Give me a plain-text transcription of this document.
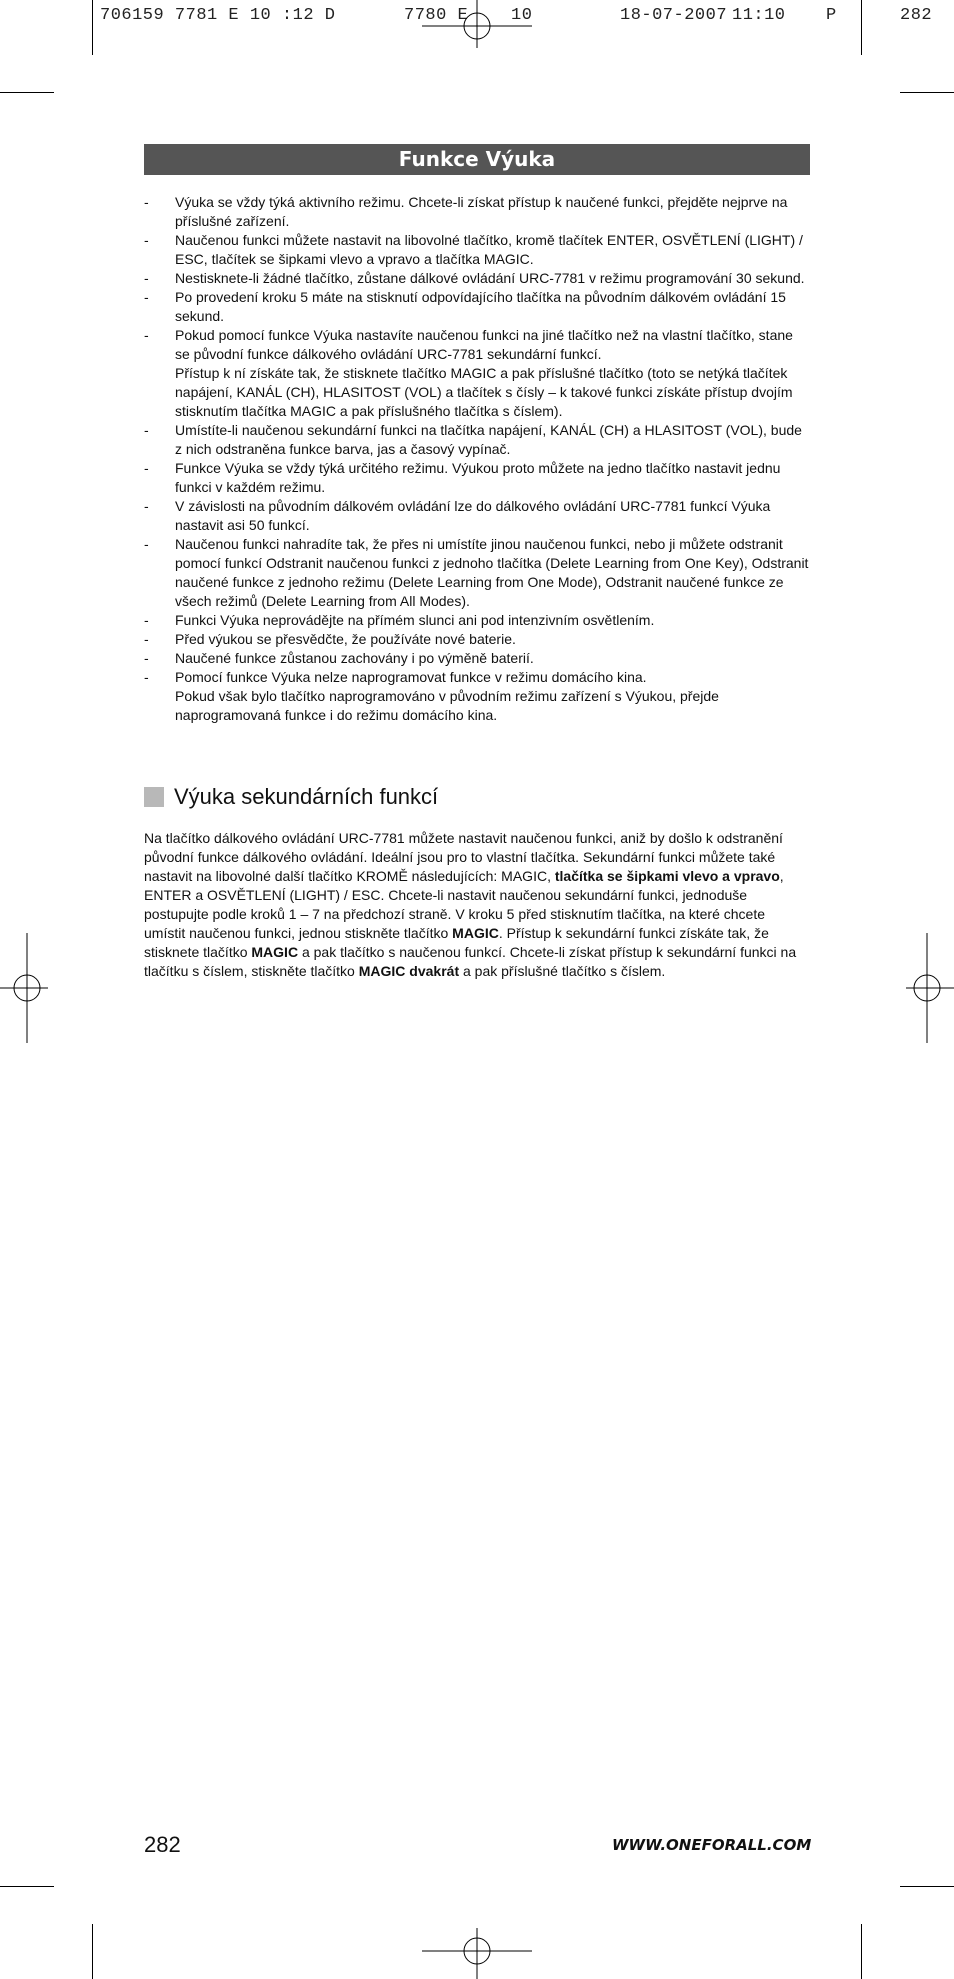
706159 7781 E 10 :12 D

	7780 E

	10

	18-07-2007

11:10

P

	282

Funkce Výuka
- Výuka se vždy týká aktivního režimu. Chcete-li získat přístup k naučené funkci, přejděte nejprve na příslušné zařízení.
- Naučenou funkci můžete nastavit na libovolné tlačítko, kromě tlačítek ENTER, OSVĚTLENÍ (LIGHT) / ESC, tlačítek se šipkami vlevo a vpravo a tlačítka MAGIC.
- Nestisknete-li žádné tlačítko, zůstane dálkové ovládání URC-7781 v režimu programování 30 sekund.
- Po provedení kroku 5 máte na stisknutí odpovídajícího tlačítka na původním dálkovém ovládání 15 sekund.
- Pokud pomocí funkce Výuka nastavíte naučenou funkci na jiné tlačítko než na vlastní tlačítko, stane se původní funkce dálkového ovládání URC-7781 sekundární funkcí.
Přístup k ní získáte tak, že stisknete tlačítko MAGIC a pak příslušné tlačítko (toto se netýká tlačítek napájení, KANÁL (CH), HLASITOST (VOL) a tlačítek s čísly – k takové funkci získáte přístup dvojím stisknutím tlačítka MAGIC a pak příslušného tlačítka s číslem).
- Umístíte-li naučenou sekundární funkci na tlačítka napájení, KANÁL (CH) a HLASITOST (VOL), bude z nich odstraněna funkce barva, jas a časový vypínač.
- Funkce Výuka se vždy týká určitého režimu. Výukou proto můžete na jedno tlačítko nastavit jednu funkci v každém režimu.
- V závislosti na původním dálkovém ovládání lze do dálkového ovládání URC-7781 funkcí Výuka nastavit asi 50 funkcí.
- Naučenou funkci nahradíte tak, že přes ni umístíte jinou naučenou funkci, nebo ji můžete odstranit pomocí funkcí Odstranit naučenou funkci z jednoho tlačítka (Delete Learning from One Key), Odstranit naučené funkce z jednoho režimu (Delete Learning from One Mode), Odstranit naučené funkce ze všech režimů (Delete Learning from All Modes).
- Funkci Výuka neprovádějte na přímém slunci ani pod intenzivním osvětlením.
- Před výukou se přesvědčte, že používáte nové baterie.
- Naučené funkce zůstanou zachovány i po výměně baterií.
- Pomocí funkce Výuka nelze naprogramovat funkce v režimu domácího kina.
Pokud však bylo tlačítko naprogramováno v původním režimu zařízení s Výukou, přejde naprogramovaná funkce i do režimu domácího kina.
Výuka sekundárních funkcí

Na tlačítko dálkového ovládání URC-7781 můžete nastavit naučenou funkci, aniž by došlo k odstranění původní funkce dálkového ovládání. Ideální jsou pro to vlastní tlačítka. Sekundární funkci můžete také nastavit na libovolné další tlačítko KROMĚ následujících: MAGIC, tlačítka se šipkami vlevo a vpravo, ENTER a OSVĚTLENÍ (LIGHT) / ESC. Chcete-li nastavit naučenou sekundární funkci, jednoduše postupujte podle kroků 1 – 7 na předchozí straně. V kroku 5 před stisknutím tlačítka, na které chcete umístit naučenou funkci, jednou stiskněte tlačítko MAGIC. Přístup k sekundární funkci získáte tak, že stisknete tlačítko MAGIC a pak tlačítko s naučenou funkcí. Chcete-li získat přístup k sekundární funkci na tlačítku s číslem, stiskněte tlačítko MAGIC dvakrát a pak příslušné tlačítko s číslem.

282	WWW.ONEFORALL.COM
